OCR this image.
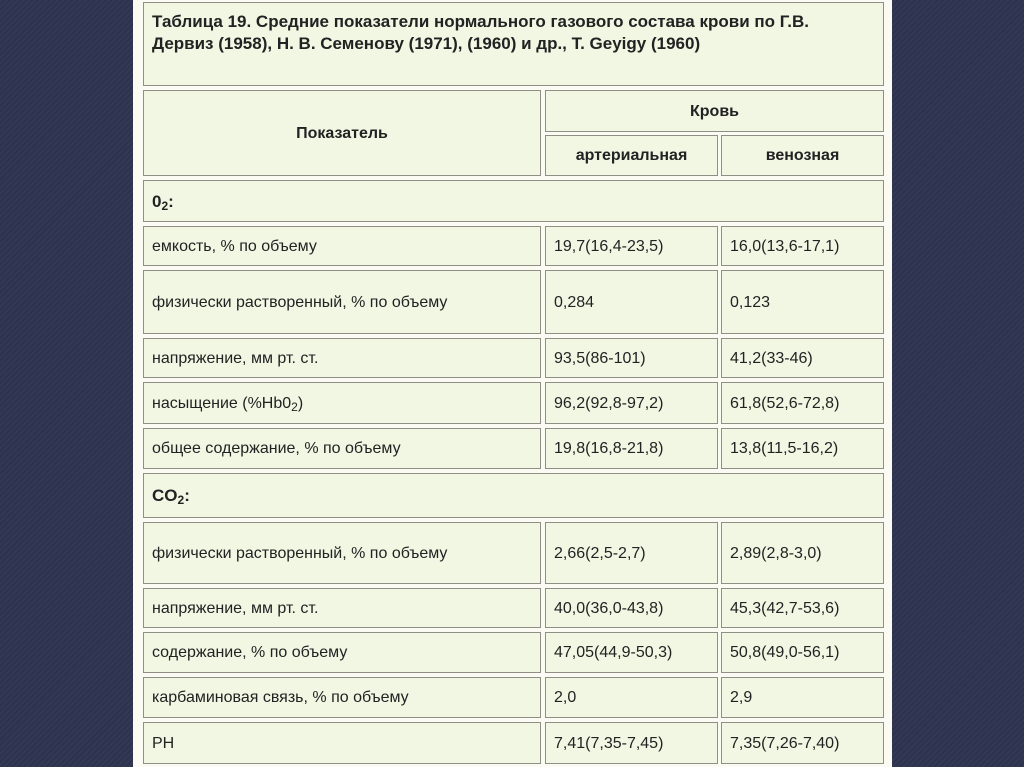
Таблица 19. Средние показатели нормального газового состава крови по Г.В. Дервиз (1958), Н. В. Семенову (1971), (1960) и др., Т. Geyigy (1960)
Показатель
Кровь
артериальная	венозная
$0_2$:
емкость, % по объему	19,7(16,4-23,5)	16,0(13,6-17,1)
физически растворенный, % по объему	0,284	0,123
напряжение, мм рт. ст.	93,5(86-101)	41,2(33-46)
насыщение $(\%Hb0_2)$	96,2(92,8-97,2)	61,8(52,6-72,8)
общее содержание, % по объему	19,8(16,8-21,8)	13,8(11,5-16,2)
$CO_2$:
физически растворенный, % по объему	2,66(2,5-2,7)	2,89(2,8-3,0)
напряжение, мм рт. ст.	40,0(36,0-43,8)	45,3(42,7-53,6)
содержание, % по объему	47,05(44,9-50,3)	50,8(49,0-56,1)
карбаминовая связь, % по объему	2,0	2,9
PH	7,41(7,35-7,45)	7,35(7,26-7,40)
